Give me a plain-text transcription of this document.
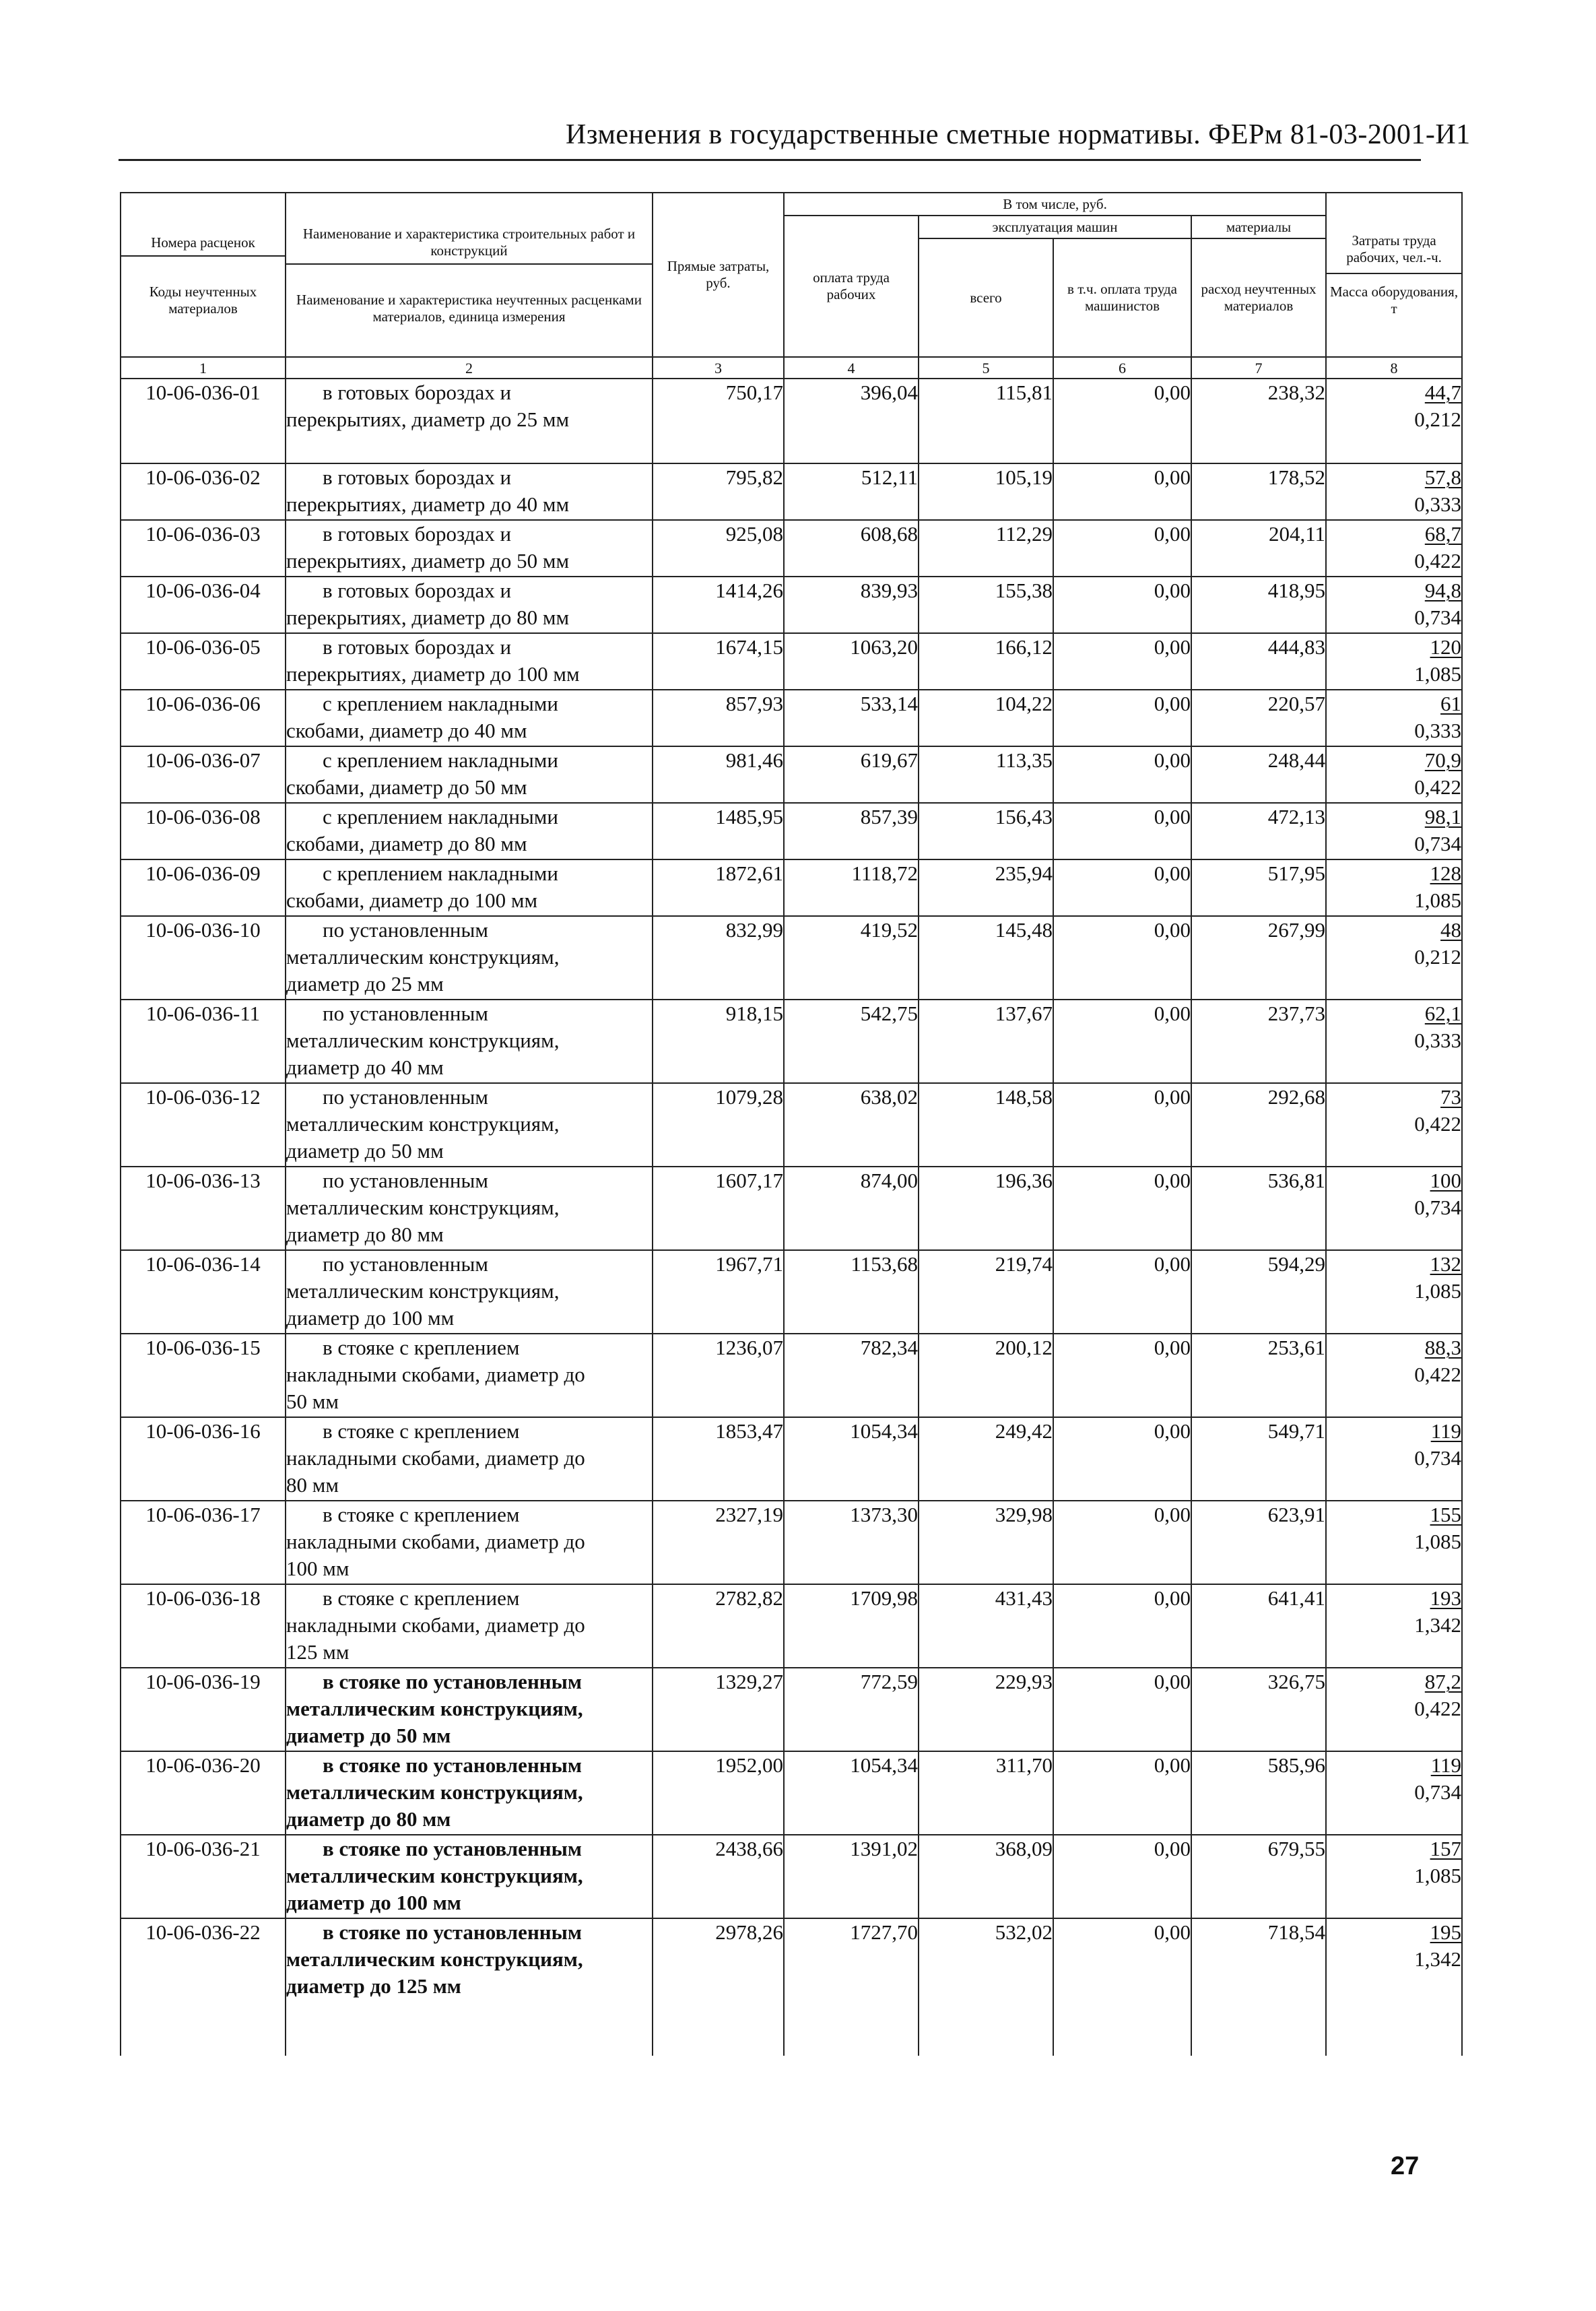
Изменения в государственные сметные нормативы. ФЕРм 81-03-2001-И1
Номера расценок
Коды неучтенных материалов	Наименование и характеристика строительных работ и конструкций
Наименование и характеристика неучтенных расценками материалов, единица измерения	Прямые затраты, руб.	В том числе, руб.				Затраты труда рабочих, чел.-ч.
Масса оборудования, т

			оплата труда рабочих	эксплуатация машин		материалы	
				всего	в т.ч. оплата труда машинистов	расход неучтенных материалов	
1	2	3	4	5	6	7	8
10-06-036-01	в готовых бороздах и
перекрытиях, диаметр до 25 мм	750,17	396,04	115,81	0,00	238,32	44,7
0,212

10-06-036-02	в готовых бороздах и
перекрытиях, диаметр до 40 мм	795,82	512,11	105,19	0,00	178,52	57,8
0,333

10-06-036-03	в готовых бороздах и
перекрытиях, диаметр до 50 мм	925,08	608,68	112,29	0,00	204,11	68,7
0,422

10-06-036-04	в готовых бороздах и
перекрытиях, диаметр до 80 мм	1414,26	839,93	155,38	0,00	418,95	94,8
0,734

10-06-036-05	в готовых бороздах и
перекрытиях, диаметр до 100 мм	1674,15	1063,20	166,12	0,00	444,83	120
1,085

10-06-036-06	с креплением накладными
скобами, диаметр до 40 мм	857,93	533,14	104,22	0,00	220,57	61
0,333

10-06-036-07	с креплением накладными
скобами, диаметр до 50 мм	981,46	619,67	113,35	0,00	248,44	70,9
0,422

10-06-036-08	с креплением накладными
скобами, диаметр до 80 мм	1485,95	857,39	156,43	0,00	472,13	98,1
0,734

10-06-036-09	с креплением накладными
скобами, диаметр до 100 мм	1872,61	1118,72	235,94	0,00	517,95	128
1,085

10-06-036-10	по установленным
металлическим конструкциям,
диаметр до 25 мм	832,99	419,52	145,48	0,00	267,99	48
0,212

10-06-036-11	по установленным
металлическим конструкциям,
диаметр до 40 мм	918,15	542,75	137,67	0,00	237,73	62,1
0,333

10-06-036-12	по установленным
металлическим конструкциям,
диаметр до 50 мм	1079,28	638,02	148,58	0,00	292,68	73
0,422

10-06-036-13	по установленным
металлическим конструкциям,
диаметр до 80 мм	1607,17	874,00	196,36	0,00	536,81	100
0,734

10-06-036-14	по установленным
металлическим конструкциям,
диаметр до 100 мм	1967,71	1153,68	219,74	0,00	594,29	132
1,085

10-06-036-15	в стояке с креплением
накладными скобами, диаметр до
50 мм	1236,07	782,34	200,12	0,00	253,61	88,3
0,422

10-06-036-16	в стояке с креплением
накладными скобами, диаметр до
80 мм	1853,47	1054,34	249,42	0,00	549,71	119
0,734

10-06-036-17	в стояке с креплением
накладными скобами, диаметр до
100 мм	2327,19	1373,30	329,98	0,00	623,91	155
1,085

10-06-036-18	в стояке с креплением
накладными скобами, диаметр до
125 мм	2782,82	1709,98	431,43	0,00	641,41	193
1,342

10-06-036-19	в стояке по установленным
металлическим конструкциям,
диаметр до 50 мм	1329,27	772,59	229,93	0,00	326,75	87,2
0,422

10-06-036-20	в стояке по установленным
металлическим конструкциям,
диаметр до 80 мм	1952,00	1054,34	311,70	0,00	585,96	119
0,734

10-06-036-21	в стояке по установленным
металлическим конструкциям,
диаметр до 100 мм	2438,66	1391,02	368,09	0,00	679,55	157
1,085

10-06-036-22	в стояке по установленным
металлическим конструкциям,
диаметр до 125 мм	2978,26	1727,70	532,02	0,00	718,54	195
1,342

27
